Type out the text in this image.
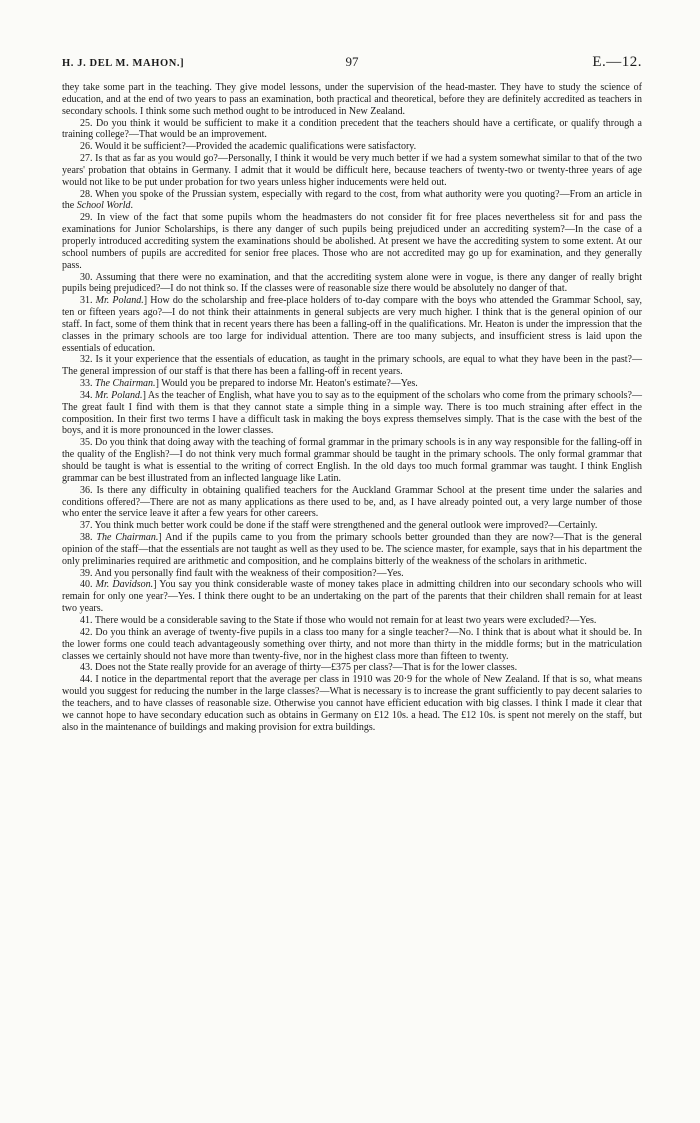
H. J. DEL M. MAHON.]	97	E.—12.

they take some part in the teaching. They give model lessons, under the supervision of the head-master. They have to study the science of education, and at the end of two years to pass an examination, both practical and theoretical, before they are definitely accredited as teachers in secondary schools. I think some such method ought to be introduced in New Zealand.

25. Do you think it would be sufficient to make it a condition precedent that the teachers should have a certificate, or qualify through a training college?—That would be an improvement.

26. Would it be sufficient?—Provided the academic qualifications were satisfactory.

27. Is that as far as you would go?—Personally, I think it would be very much better if we had a system somewhat similar to that of the two years' probation that obtains in Germany. I admit that it would be difficult here, because teachers of twenty-two or twenty-three years of age would not like to be put under probation for two years unless higher inducements were held out.

28. When you spoke of the Prussian system, especially with regard to the cost, from what authority were you quoting?—From an article in the School World.

29. In view of the fact that some pupils whom the headmasters do not consider fit for free places nevertheless sit for and pass the examinations for Junior Scholarships, is there any danger of such pupils being prejudiced under an accrediting system?—In the case of a properly introduced accrediting system the examinations should be abolished. At present we have the accrediting system to some extent. At our school numbers of pupils are accredited for senior free places. Those who are not accredited may go up for examination, and they generally pass.

30. Assuming that there were no examination, and that the accrediting system alone were in vogue, is there any danger of really bright pupils being prejudiced?—I do not think so. If the classes were of reasonable size there would be absolutely no danger of that.

31. Mr. Poland.] How do the scholarship and free-place holders of to-day compare with the boys who attended the Grammar School, say, ten or fifteen years ago?—I do not think their attainments in general subjects are very much higher. I think that is the general opinion of our staff. In fact, some of them think that in recent years there has been a falling-off in the qualifications. Mr. Heaton is under the impression that the classes in the primary schools are too large for individual attention. There are too many subjects, and insufficient stress is laid upon the essentials of education.

32. Is it your experience that the essentials of education, as taught in the primary schools, are equal to what they have been in the past?—The general impression of our staff is that there has been a falling-off in recent years.

33. The Chairman.] Would you be prepared to indorse Mr. Heaton's estimate?—Yes.

34. Mr. Poland.] As the teacher of English, what have you to say as to the equipment of the scholars who come from the primary schools?—The great fault I find with them is that they cannot state a simple thing in a simple way. There is too much straining after effect in the composition. In their first two terms I have a difficult task in making the boys express themselves simply. That is the case with the best of the boys, and it is more pronounced in the lower classes.

35. Do you think that doing away with the teaching of formal grammar in the primary schools is in any way responsible for the falling-off in the quality of the English?—I do not think very much formal grammar should be taught in the primary schools. The only formal grammar that should be taught is what is essential to the writing of correct English. In the old days too much formal grammar was taught. I think English grammar can be best illustrated from an inflected language like Latin.

36. Is there any difficulty in obtaining qualified teachers for the Auckland Grammar School at the present time under the salaries and conditions offered?—There are not as many applications as there used to be, and, as I have already pointed out, a very large number of those who enter the service leave it after a few years for other careers.

37. You think much better work could be done if the staff were strengthened and the general outlook were improved?—Certainly.

38. The Chairman.] And if the pupils came to you from the primary schools better grounded than they are now?—That is the general opinion of the staff—that the essentials are not taught as well as they used to be. The science master, for example, says that in his department the only preliminaries required are arithmetic and composition, and he complains bitterly of the weakness of the scholars in arithmetic.

39. And you personally find fault with the weakness of their composition?—Yes.

40. Mr. Davidson.] You say you think considerable waste of money takes place in admitting children into our secondary schools who will remain for only one year?—Yes. I think there ought to be an undertaking on the part of the parents that their children shall remain for at least two years.

41. There would be a considerable saving to the State if those who would not remain for at least two years were excluded?—Yes.

42. Do you think an average of twenty-five pupils in a class too many for a single teacher?—No. I think that is about what it should be. In the lower forms one could teach advantageously something over thirty, and not more than thirty in the middle forms; but in the matriculation classes we certainly should not have more than twenty-five, nor in the highest class more than fifteen to twenty.

43. Does not the State really provide for an average of thirty—£375 per class?—That is for the lower classes.

44. I notice in the departmental report that the average per class in 1910 was 20·9 for the whole of New Zealand. If that is so, what means would you suggest for reducing the number in the large classes?—What is necessary is to increase the grant sufficiently to pay decent salaries to the teachers, and to have classes of reasonable size. Otherwise you cannot have efficient education with big classes. I think I made it clear that we cannot hope to have secondary education such as obtains in Germany on £12 10s. a head. The £12 10s. is spent not merely on the staff, but also in the maintenance of buildings and making provision for extra buildings.
